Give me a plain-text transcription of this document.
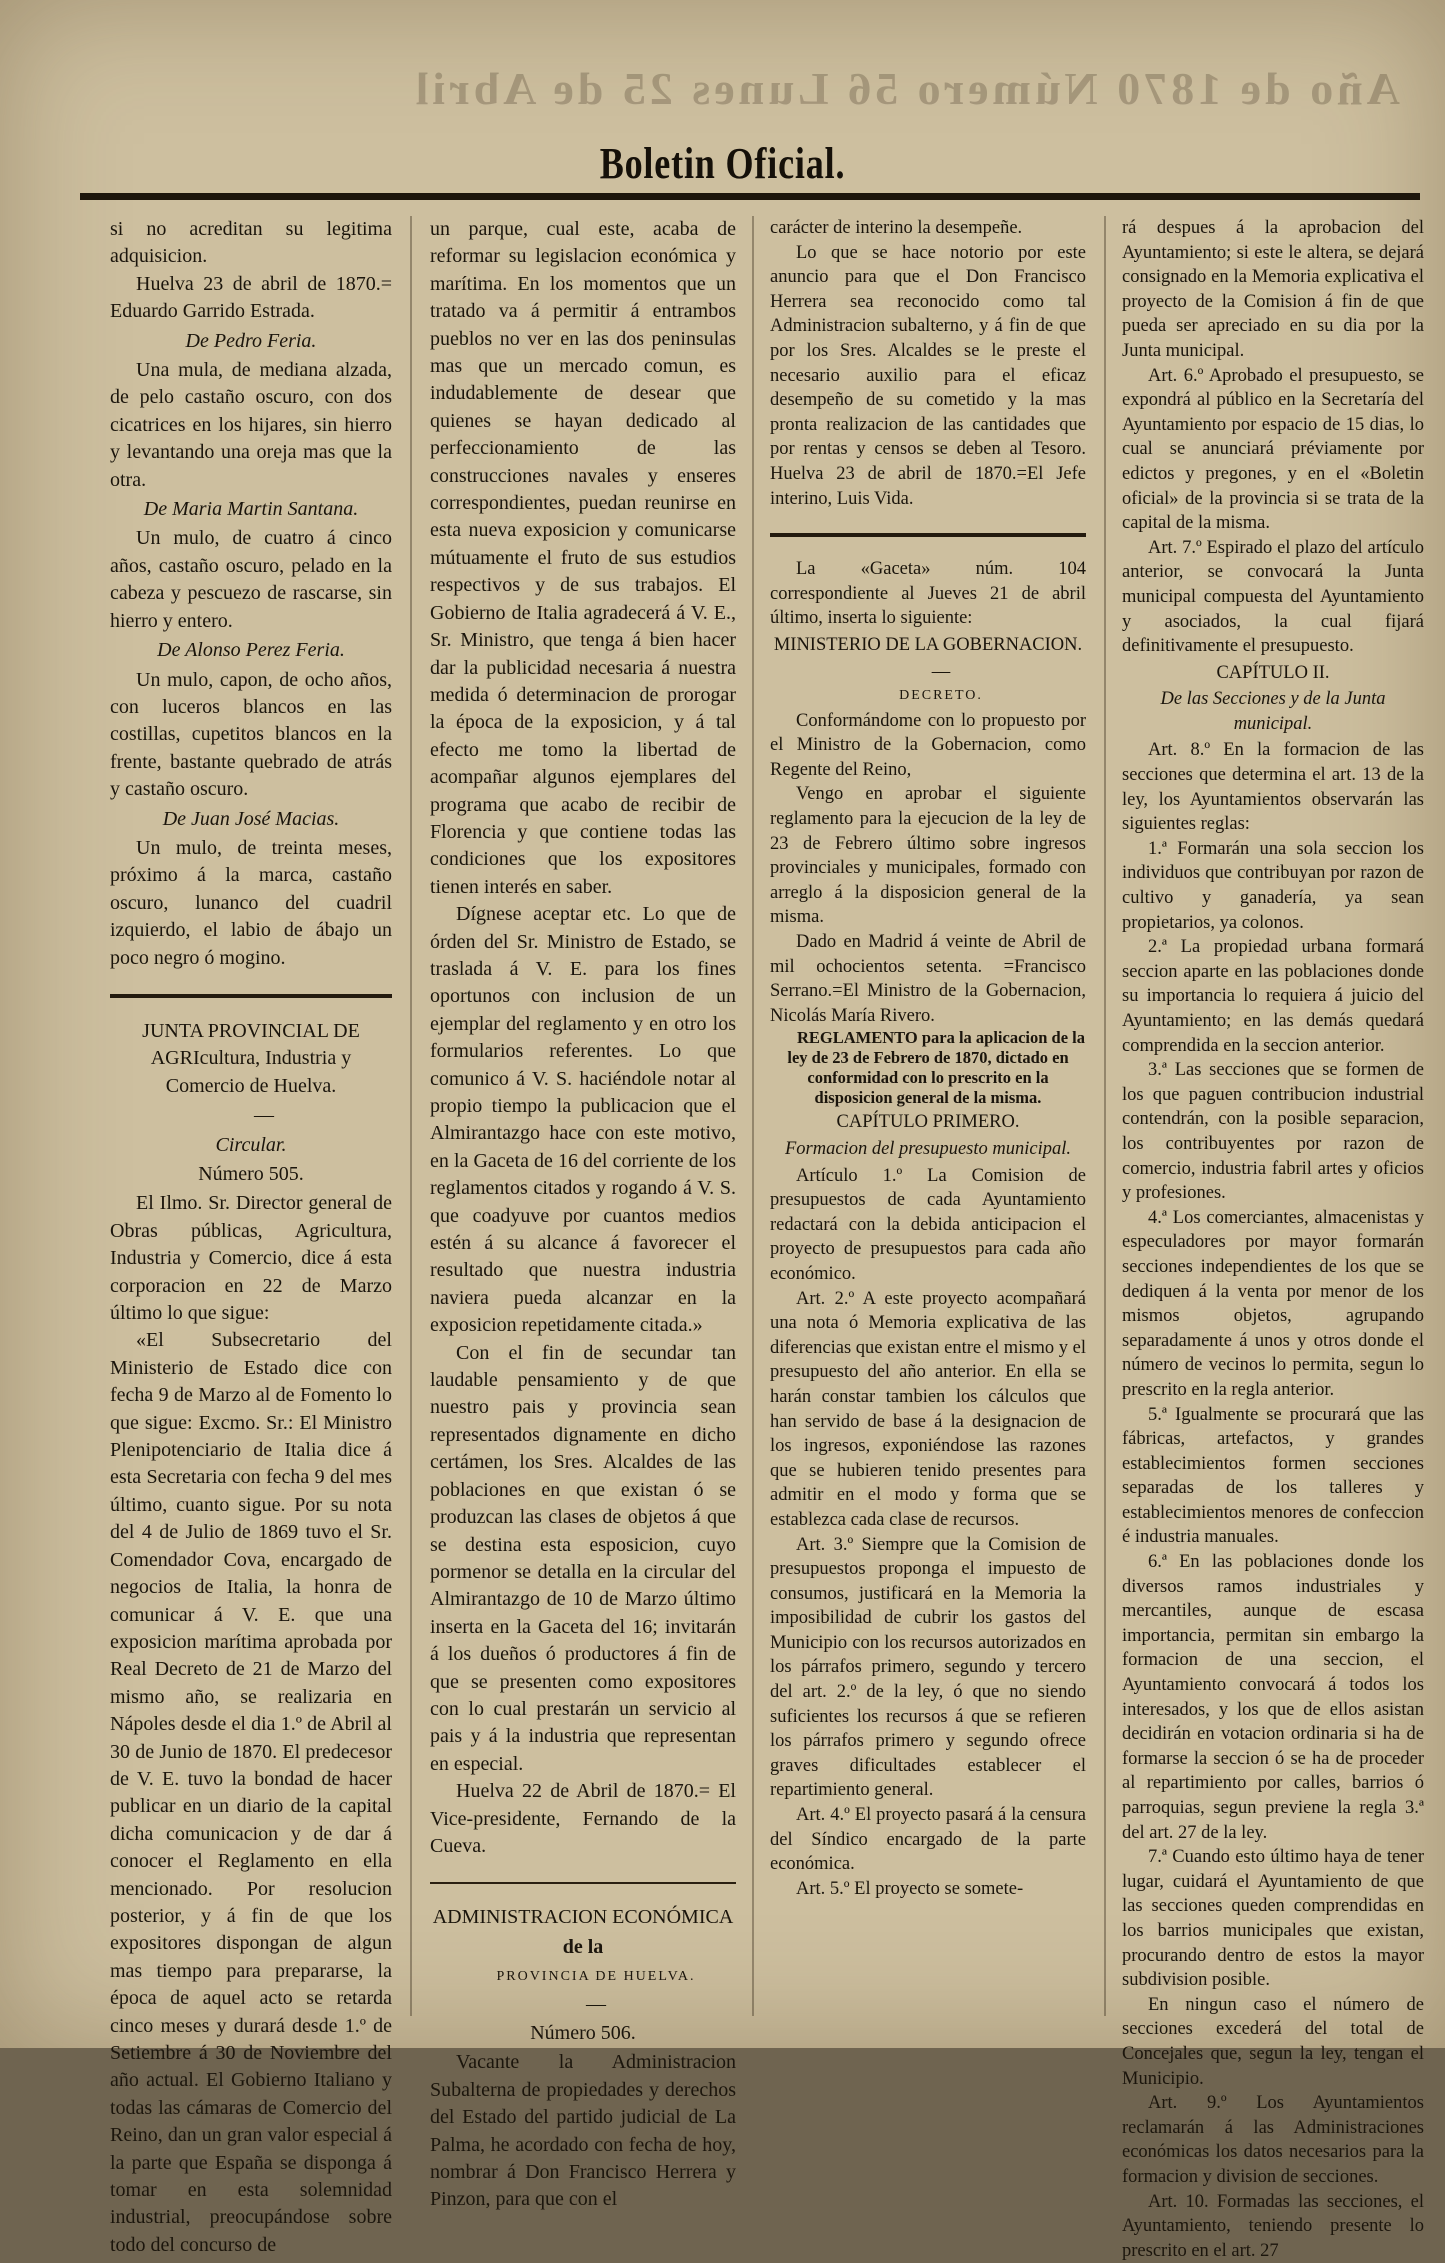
Año de 1870 Número 56 Lunes 25 de Abril
Boletin Oficial.

si no acreditan su legitima adquisicion.

Huelva 23 de abril de 1870.= Eduardo Garrido Estrada.

De Pedro Feria.

Una mula, de mediana alzada, de pelo castaño oscuro, con dos cicatrices en los hijares, sin hierro y levantando una oreja mas que la otra.

De Maria Martin Santana.

Un mulo, de cuatro á cinco años, castaño oscuro, pelado en la cabeza y pescuezo de rascarse, sin hierro y entero.

De Alonso Perez Feria.

Un mulo, capon, de ocho años, con luceros blancos en las costillas, cupetitos blancos en la frente, bastante quebrado de atrás y castaño oscuro.

De Juan José Macias.

Un mulo, de treinta meses, próximo á la marca, castaño oscuro, lunanco del cuadril izquierdo, el labio de ábajo un poco negro ó mogino.

JUNTA PROVINCIAL DE AGRIcultura, Industria y Comercio de Huelva.

—

Circular.

Número 505.

El Ilmo. Sr. Director general de Obras públicas, Agricultura, Industria y Comercio, dice á esta corporacion en 22 de Marzo último lo que sigue:

«El Subsecretario del Ministerio de Estado dice con fecha 9 de Marzo al de Fomento lo que sigue: Excmo. Sr.: El Ministro Plenipotenciario de Italia dice á esta Secretaria con fecha 9 del mes último, cuanto sigue. Por su nota del 4 de Julio de 1869 tuvo el Sr. Comendador Cova, encargado de negocios de Italia, la honra de comunicar á V. E. que una exposicion marítima aprobada por Real Decreto de 21 de Marzo del mismo año, se realizaria en Nápoles desde el dia 1.º de Abril al 30 de Junio de 1870. El predecesor de V. E. tuvo la bondad de hacer publicar en un diario de la capital dicha comunicacion y de dar á conocer el Reglamento en ella mencionado. Por resolucion posterior, y á fin de que los expositores dispongan de algun mas tiempo para prepararse, la época de aquel acto se retarda cinco meses y durará desde 1.º de Setiembre á 30 de Noviembre del año actual. El Gobierno Italiano y todas las cámaras de Comercio del Reino, dan un gran valor especial á la parte que España se disponga á tomar en esta solemnidad industrial, preocupándose sobre todo del concurso de

un parque, cual este, acaba de reformar su legislacion económica y marítima. En los momentos que un tratado va á permitir á entrambos pueblos no ver en las dos peninsulas mas que un mercado comun, es indudablemente de desear que quienes se hayan dedicado al perfeccionamiento de las construcciones navales y enseres correspondientes, puedan reunirse en esta nueva exposicion y comunicarse mútuamente el fruto de sus estudios respectivos y de sus trabajos. El Gobierno de Italia agradecerá á V. E., Sr. Ministro, que tenga á bien hacer dar la publicidad necesaria á nuestra medida ó determinacion de prorogar la época de la exposicion, y á tal efecto me tomo la libertad de acompañar algunos ejemplares del programa que acabo de recibir de Florencia y que contiene todas las condiciones que los expositores tienen interés en saber.

Dígnese aceptar etc. Lo que de órden del Sr. Ministro de Estado, se traslada á V. E. para los fines oportunos con inclusion de un ejemplar del reglamento y en otro los formularios referentes. Lo que comunico á V. S. haciéndole notar al propio tiempo la publicacion que el Almirantazgo hace con este motivo, en la Gaceta de 16 del corriente de los reglamentos citados y rogando á V. S. que coadyuve por cuantos medios estén á su alcance á favorecer el resultado que nuestra industria naviera pueda alcanzar en la exposicion repetidamente citada.»

Con el fin de secundar tan laudable pensamiento y de que nuestro pais y provincia sean representados dignamente en dicho certámen, los Sres. Alcaldes de las poblaciones en que existan ó se produzcan las clases de objetos á que se destina esta esposicion, cuyo pormenor se detalla en la circular del Almirantazgo de 10 de Marzo último inserta en la Gaceta del 16; invitarán á los dueños ó productores á fin de que se presenten como expositores con lo cual prestarán un servicio al pais y á la industria que representan en especial.

Huelva 22 de Abril de 1870.= El Vice-presidente, Fernando de la Cueva.

ADMINISTRACION ECONÓMICA

de la

PROVINCIA DE HUELVA.

—

Número 506.

Vacante la Administracion Subalterna de propiedades y derechos del Estado del partido judicial de La Palma, he acordado con fecha de hoy, nombrar á Don Francisco Herrera y Pinzon, para que con el

carácter de interino la desempeñe.

Lo que se hace notorio por este anuncio para que el Don Francisco Herrera sea reconocido como tal Administracion subalterno, y á fin de que por los Sres. Alcaldes se le preste el necesario auxilio para el eficaz desempeño de su cometido y la mas pronta realizacion de las cantidades que por rentas y censos se deben al Tesoro. Huelva 23 de abril de 1870.=El Jefe interino, Luis Vida.

La «Gaceta» núm. 104 correspondiente al Jueves 21 de abril último, inserta lo siguiente:

MINISTERIO DE LA GOBERNACION.

—

DECRETO.

Conformándome con lo propuesto por el Ministro de la Gobernacion, como Regente del Reino,

Vengo en aprobar el siguiente reglamento para la ejecucion de la ley de 23 de Febrero último sobre ingresos provinciales y municipales, formado con arreglo á la disposicion general de la misma.

Dado en Madrid á veinte de Abril de mil ochocientos setenta. =Francisco Serrano.=El Ministro de la Gobernacion, Nicolás María Rivero.

REGLAMENTO para la aplicacion de la ley de 23 de Febrero de 1870, dictado en conformidad con lo prescrito en la disposicion general de la misma.

CAPÍTULO PRIMERO.

Formacion del presupuesto municipal.

Artículo 1.º La Comision de presupuestos de cada Ayuntamiento redactará con la debida anticipacion el proyecto de presupuestos para cada año económico.

Art. 2.º A este proyecto acompañará una nota ó Memoria explicativa de las diferencias que existan entre el mismo y el presupuesto del año anterior. En ella se harán constar tambien los cálculos que han servido de base á la designacion de los ingresos, exponiéndose las razones que se hubieren tenido presentes para admitir en el modo y forma que se establezca cada clase de recursos.

Art. 3.º Siempre que la Comision de presupuestos proponga el impuesto de consumos, justificará en la Memoria la imposibilidad de cubrir los gastos del Municipio con los recursos autorizados en los párrafos primero, segundo y tercero del art. 2.º de la ley, ó que no siendo suficientes los recursos á que se refieren los párrafos primero y segundo ofrece graves dificultades establecer el repartimiento general.

Art. 4.º El proyecto pasará á la censura del Síndico encargado de la parte económica.

Art. 5.º El proyecto se somete-

rá despues á la aprobacion del Ayuntamiento; si este le altera, se dejará consignado en la Memoria explicativa el proyecto de la Comision á fin de que pueda ser apreciado en su dia por la Junta municipal.

Art. 6.º Aprobado el presupuesto, se expondrá al público en la Secretaría del Ayuntamiento por espacio de 15 dias, lo cual se anunciará préviamente por edictos y pregones, y en el «Boletin oficial» de la provincia si se trata de la capital de la misma.

Art. 7.º Espirado el plazo del artículo anterior, se convocará la Junta municipal compuesta del Ayuntamiento y asociados, la cual fijará definitivamente el presupuesto.

CAPÍTULO II.

De las Secciones y de la Junta municipal.

Art. 8.º En la formacion de las secciones que determina el art. 13 de la ley, los Ayuntamientos observarán las siguientes reglas:

1.ª Formarán una sola seccion los individuos que contribuyan por razon de cultivo y ganadería, ya sean propietarios, ya colonos.

2.ª La propiedad urbana formará seccion aparte en las poblaciones donde su importancia lo requiera á juicio del Ayuntamiento; en las demás quedará comprendida en la seccion anterior.

3.ª Las secciones que se formen de los que paguen contribucion industrial contendrán, con la posible separacion, los contribuyentes por razon de comercio, industria fabril artes y oficios y profesiones.

4.ª Los comerciantes, almacenistas y especuladores por mayor formarán secciones independientes de los que se dediquen á la venta por menor de los mismos objetos, agrupando separadamente á unos y otros donde el número de vecinos lo permita, segun lo prescrito en la regla anterior.

5.ª Igualmente se procurará que las fábricas, artefactos, y grandes establecimientos formen secciones separadas de los talleres y establecimientos menores de confeccion é industria manuales.

6.ª En las poblaciones donde los diversos ramos industriales y mercantiles, aunque de escasa importancia, permitan sin embargo la formacion de una seccion, el Ayuntamiento convocará á todos los interesados, y los que de ellos asistan decidirán en votacion ordinaria si ha de formarse la seccion ó se ha de proceder al repartimiento por calles, barrios ó parroquias, segun previene la regla 3.ª del art. 27 de la ley.

7.ª Cuando esto último haya de tener lugar, cuidará el Ayuntamiento de que las secciones queden comprendidas en los barrios municipales que existan, procurando dentro de estos la mayor subdivision posible.

En ningun caso el número de secciones excederá del total de Concejales que, segun la ley, tengan el Municipio.

Art. 9.º Los Ayuntamientos reclamarán á las Administraciones económicas los datos necesarios para la formacion y division de secciones.

Art. 10. Formadas las secciones, el Ayuntamiento, teniendo presente lo prescrito en el art. 27
